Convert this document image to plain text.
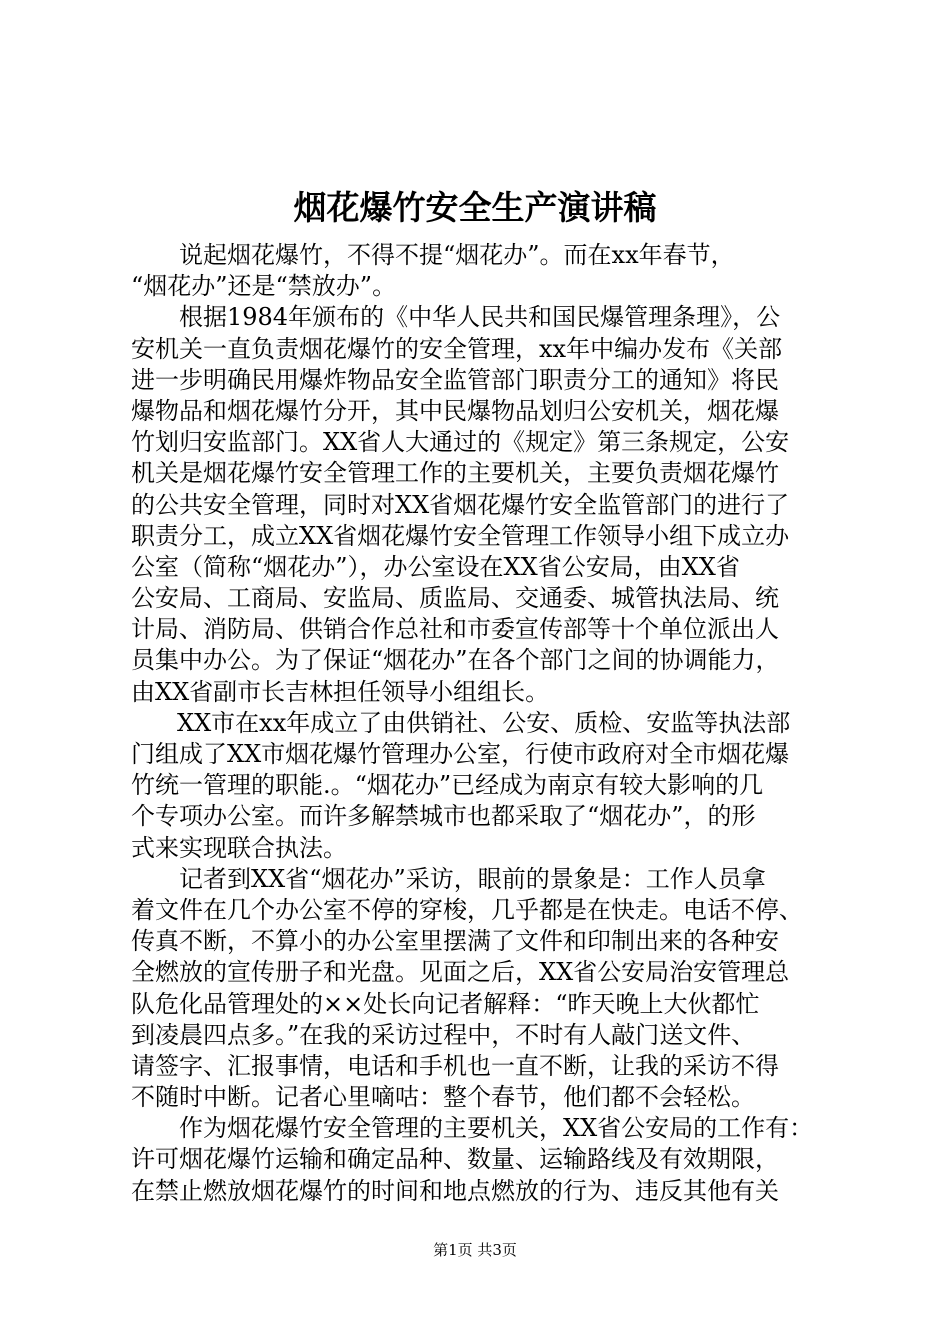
烟花爆竹安全生产演讲稿

说起烟花爆竹，不得不提“烟花办”。而在xx年春节，
“烟花办”还是“禁放办”。

根据1984年颁布的《中华人民共和国民爆管理条理》，公
安机关一直负责烟花爆竹的安全管理，xx年中编办发布《关部
进一步明确民用爆炸物品安全监管部门职责分工的通知》将民
爆物品和烟花爆竹分开，其中民爆物品划归公安机关，烟花爆
竹划归安监部门。XX省人大通过的《规定》第三条规定，公安
机关是烟花爆竹安全管理工作的主要机关，主要负责烟花爆竹
的公共安全管理，同时对XX省烟花爆竹安全监管部门的进行了
职责分工，成立XX省烟花爆竹安全管理工作领导小组下成立办
公室（简称“烟花办”），办公室设在XX省公安局，由XX省
公安局、工商局、安监局、质监局、交通委、城管执法局、统
计局、消防局、供销合作总社和市委宣传部等十个单位派出人
员集中办公。为了保证“烟花办”在各个部门之间的协调能力，
由XX省副市长吉林担任领导小组组长。

XX市在xx年成立了由供销社、公安、质检、安监等执法部
门组成了XX市烟花爆竹管理办公室，行使市政府对全市烟花爆
竹统一管理的职能.。“烟花办”已经成为南京有较大影响的几
个专项办公室。而许多解禁城市也都采取了“烟花办”，的形
式来实现联合执法。

记者到XX省“烟花办”采访，眼前的景象是：工作人员拿
着文件在几个办公室不停的穿梭，几乎都是在快走。电话不停、
传真不断，不算小的办公室里摆满了文件和印制出来的各种安
全燃放的宣传册子和光盘。见面之后，XX省公安局治安管理总
队危化品管理处的××处长向记者解释：“昨天晚上大伙都忙
到凌晨四点多。”在我的采访过程中，不时有人敲门送文件、
请签字、汇报事情，电话和手机也一直不断，让我的采访不得
不随时中断。记者心里嘀咕：整个春节，他们都不会轻松。

作为烟花爆竹安全管理的主要机关，XX省公安局的工作有：
许可烟花爆竹运输和确定品种、数量、运输路线及有效期限，
在禁止燃放烟花爆竹的时间和地点燃放的行为、违反其他有关

第1页 共3页
